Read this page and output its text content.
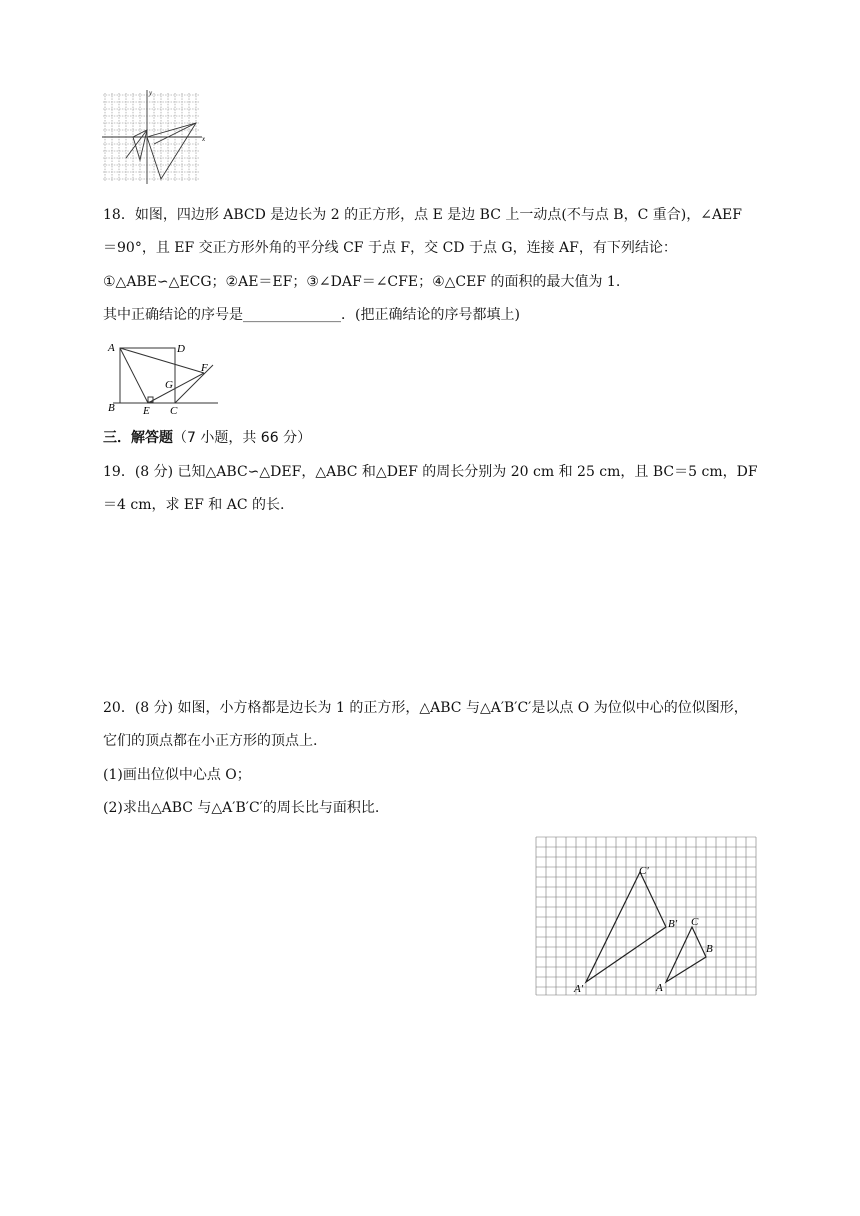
x
y
18．如图，四边形 ABCD 是边长为 2 的正方形，点 E 是边 BC 上一动点(不与点 B，C 重合)，∠AEF
＝90°，且 EF 交正方形外角的平分线 CF 于点 F，交 CD 于点 G，连接 AF，有下列结论：
①△ABE∽△ECG；②AE＝EF；③∠DAF＝∠CFE；④△CEF 的面积的最大值为 1.
其中正确结论的序号是______________．(把正确结论的序号都填上)
A	D
B	E C
G
F
三．解答题（7 小题，共 66 分）
19．(8 分) 已知△ABC∽△DEF，△ABC 和△DEF 的周长分别为 20 cm 和 25 cm，且 BC＝5 cm，DF
＝4 cm，求 EF 和 AC 的长.
20．(8 分) 如图，小方格都是边长为 1 的正方形，△ABC 与△A′B′C′是以点 O 为位似中心的位似图形，
它们的顶点都在小正方形的顶点上.
(1)画出位似中心点 O；
(2)求出△ABC 与△A′B′C′的周长比与面积比.
A′
B′
C′
A
B
C
